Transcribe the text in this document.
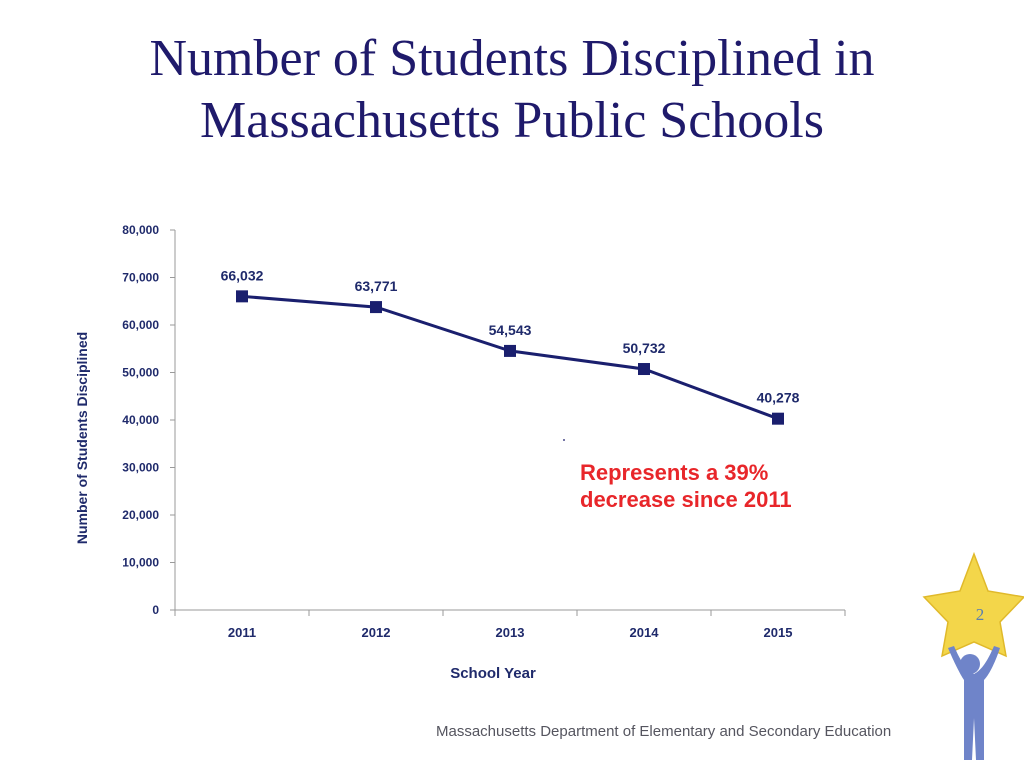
Number of Students Disciplined in
Massachusetts Public Schools
0
10,000
20,000
30,000
40,000
50,000
60,000
70,000
80,000
2011	2012	2013	2014	2015
Number of Students Disciplined
School Year
66,032
63,771
54,543
50,732
40,278
Represents a 39%
decrease since 2011
Massachusetts Department of Elementary and Secondary Education
2
